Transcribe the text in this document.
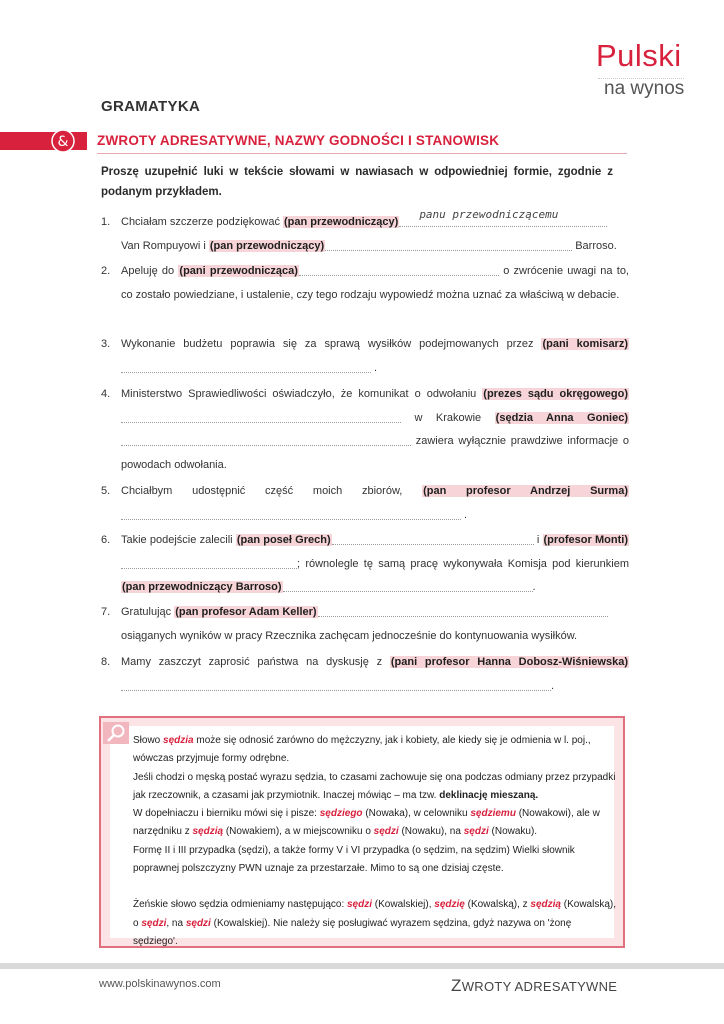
Pulski
na wynos
GRAMATYKA
& ZWROTY ADRESATYWNE, NAZWY GODNOŚCI I STANOWISK
Proszę uzupełnić luki w tekście słowami w nawiasach w odpowiedniej formie, zgodnie z podanym przykładem.
1. Chciałam szczerze podziękować (pan przewodniczący)
panu przewodniczącemu

Van Rompuyowi i (pan przewodniczący)	Barroso.
2. Apeluję do (pani przewodnicząca)	o zwrócenie uwagi na to, co zostało powiedziane, i ustalenie, czy tego rodzaju wypowiedź można uznać za właściwą w debacie.
3. Wykonanie budżetu poprawia się za sprawą wysiłków podejmowanych przez (pani komisarz) .
4. Ministerstwo Sprawiedliwości oświadczyło, że komunikat o odwołaniu (prezes sądu okręgowego) w Krakowie (sędzia Anna Goniec) zawiera wyłącznie prawdziwe informacje o powodach odwołania.
5. Chciałbym udostępnić część moich zbiorów, (pan profesor Andrzej Surma) .
6. Takie podejście zalecili (pan poseł Grech)	i (profesor Monti); równolegle tę samą pracę wykonywała Komisja pod kierunkiem (pan przewodniczący Barroso)	.
7. Gratulując (pan profesor Adam Keller)
osiąganych wyników w pracy Rzecznika zachęcam jednocześnie do kontynuowania wysiłków.
8. Mamy zaszczyt zaprosić państwa na dyskusję z (pani profesor Hanna Dobosz-Wiśniewska).

Słowo sędzia może się odnosić zarówno do mężczyzny, jak i kobiety, ale kiedy się je odmienia w l. poj., wówczas przyjmuje formy odrębne.

Jeśli chodzi o męską postać wyrazu sędzia, to czasami zachowuje się ona podczas odmiany przez przypadki jak rzeczownik, a czasami jak przymiotnik. Inaczej mówiąc – ma tzw. deklinację mieszaną.

W dopełniaczu i bierniku mówi się i pisze: sędziego (Nowaka), w celowniku sędziemu (Nowakowi), ale w narzędniku z sędzią (Nowakiem), a w miejscowniku o sędzi (Nowaku), na sędzi (Nowaku).

Formę II i III przypadka (sędzi), a także formy V i VI przypadka (o sędzim, na sędzim) Wielki słownik poprawnej polszczyzny PWN uznaje za przestarzałe. Mimo to są one dzisiaj częste.

Żeńskie słowo sędzia odmieniamy następująco: sędzi (Kowalskiej), sędzię (Kowalską), z sędzią (Kowalską), o sędzi, na sędzi (Kowalskiej). Nie należy się posługiwać wyrazem sędzina, gdyż nazywa on 'żonę sędziego'.

www.polskinawynos.com	ZWROTY ADRESATYWNE
